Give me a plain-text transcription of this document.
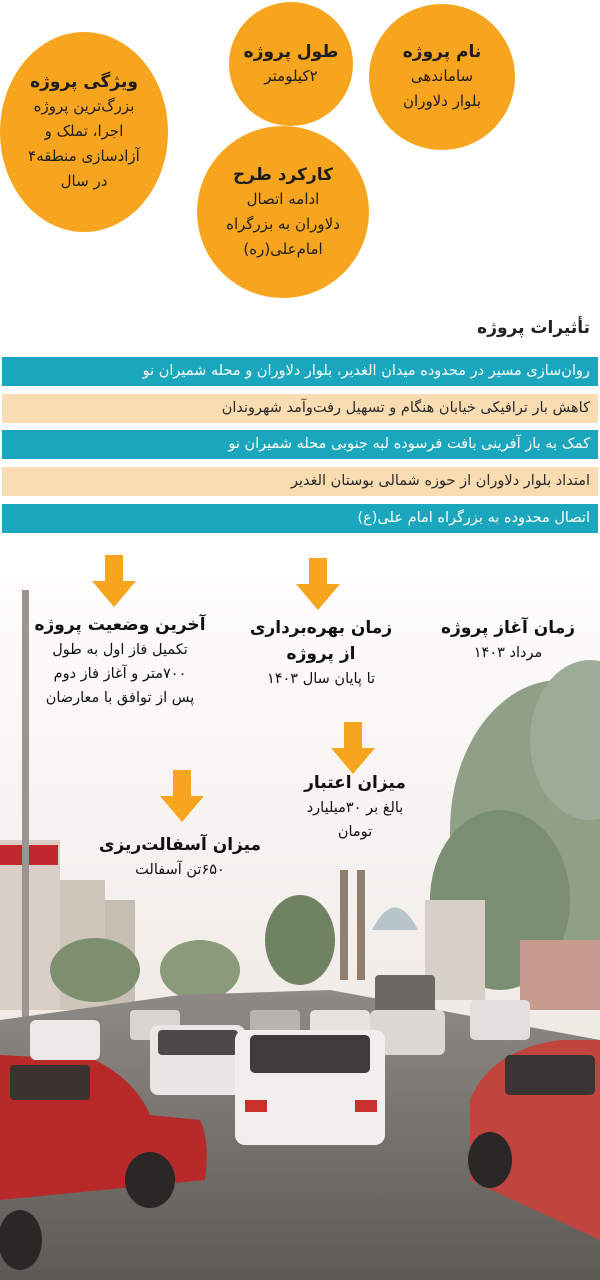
نام پروژه
ساماندهی
بلوار دلاوران
طول پروژه
۲کیلومتر
ویژگی پروژه
بزرگ‌ترین پروژه
اجرا، تملک و
آزادسازی منطقه۴
در سال	کارکرد طرح
ادامه اتصال
دلاوران به بزرگراه
امام‌علی(ره)
تأثیرات پروژه
روان‌سازی مسیر در محدوده میدان الغدیر، بلوار دلاوران و محله شمیران نو
کاهش بار ترافیکی خیابان هنگام و تسهیل رفت‌وآمد شهروندان
کمک به باز آفرینی بافت فرسوده لبه جنوبی محله شمیران نو
امتداد بلوار دلاوران از حوزه شمالی بوستان الغدیر
اتصال محدوده به بزرگراه امام علی(ع)
زمان آغاز پروژه
مرداد ۱۴۰۳
زمان بهره‌برداری
از پروژه
تا پایان سال ۱۴۰۳
آخرین وضعیت پروژه
تکمیل فاز اول به طول
۷۰۰متر و آغاز فاز دوم
پس از توافق با معارضان
میزان اعتبار
بالغ بر ۳۰میلیارد
تومان
میزان آسفالت‌ریزی
۶۵۰تن آسفالت
